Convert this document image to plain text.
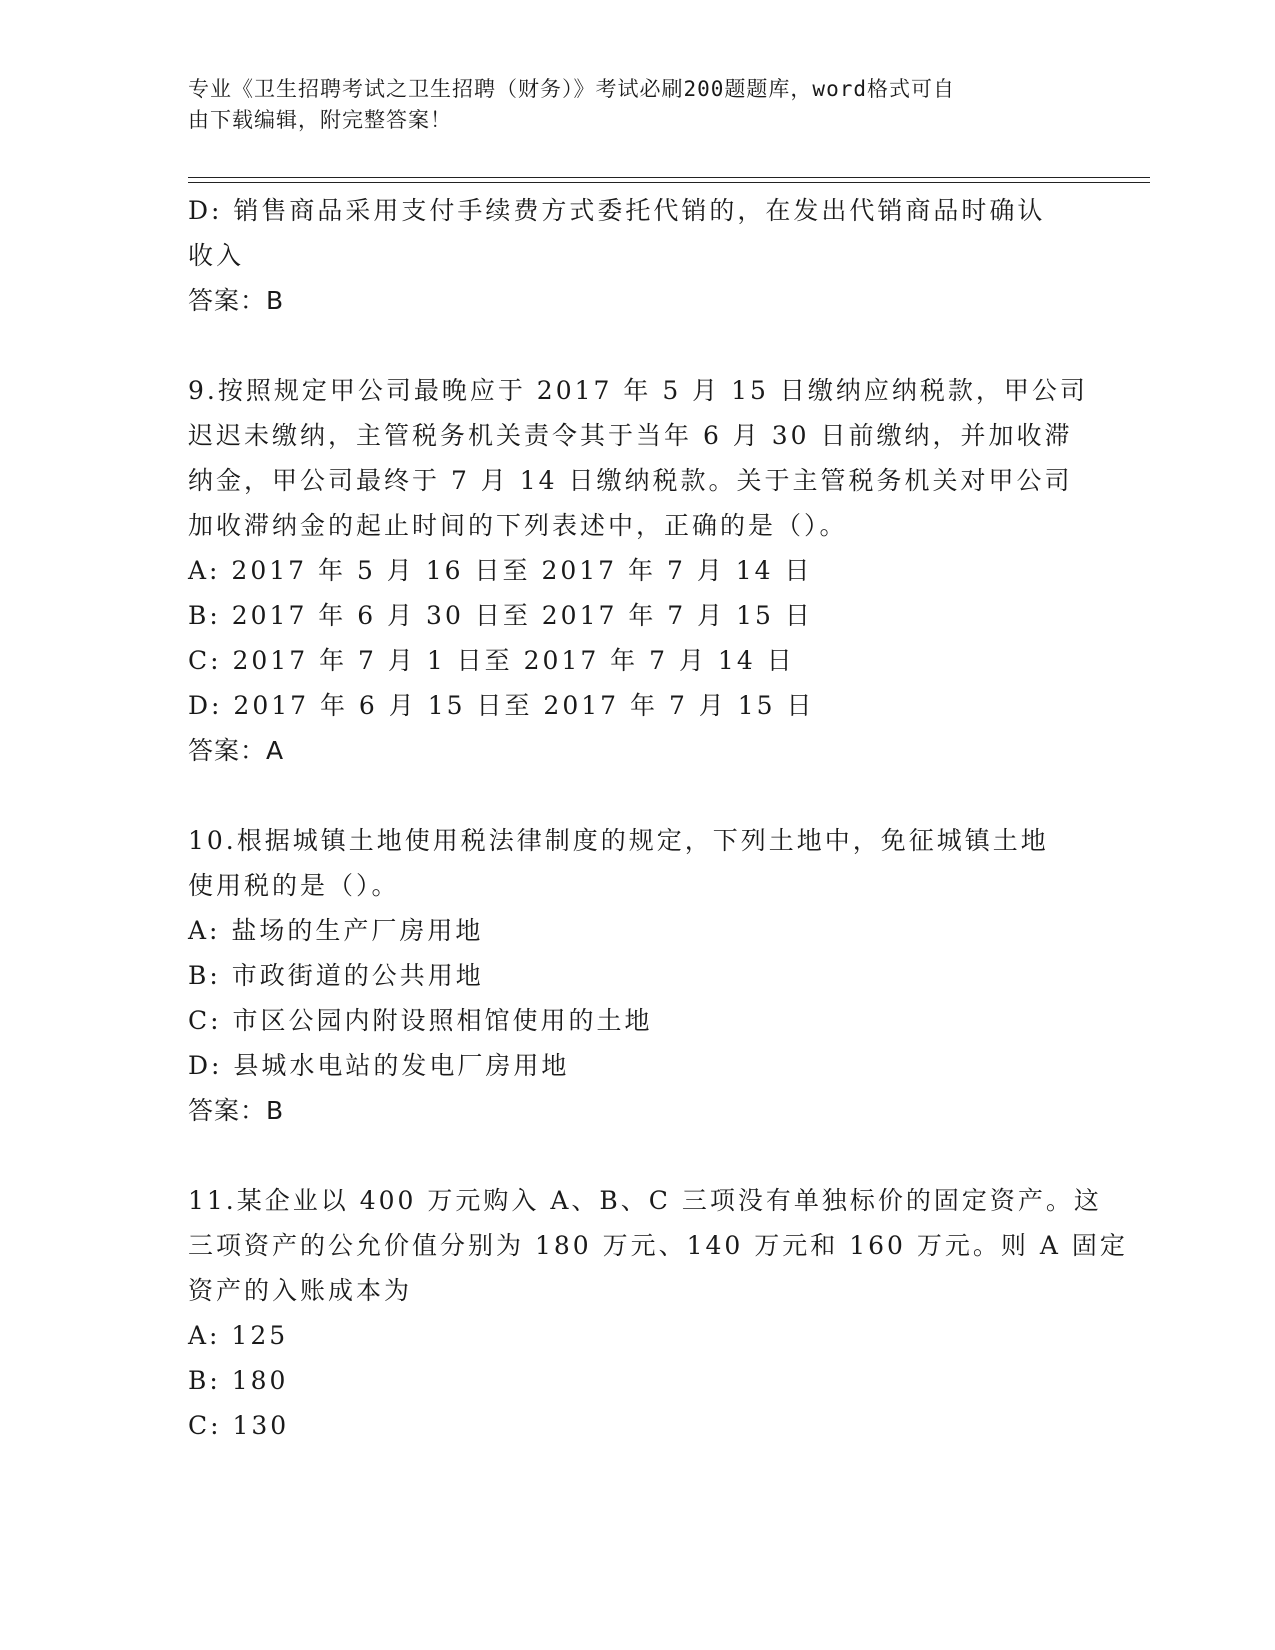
专业《卫生招聘考试之卫生招聘（财务）》考试必刷200题题库，word格式可自
由下载编辑，附完整答案！
D: 销售商品采用支付手续费方式委托代销的，在发出代销商品时确认
收入
答案：B
9.按照规定甲公司最晚应于 2017 年 5 月 15 日缴纳应纳税款，甲公司
迟迟未缴纳，主管税务机关责令其于当年 6 月 30 日前缴纳，并加收滞
纳金，甲公司最终于 7 月 14 日缴纳税款。关于主管税务机关对甲公司
加收滞纳金的起止时间的下列表述中，正确的是（）。
A: 2017 年 5 月 16 日至 2017 年 7 月 14 日
B: 2017 年 6 月 30 日至 2017 年 7 月 15 日
C: 2017 年 7 月 1 日至 2017 年 7 月 14 日
D: 2017 年 6 月 15 日至 2017 年 7 月 15 日
答案：A
10.根据城镇土地使用税法律制度的规定，下列土地中，免征城镇土地
使用税的是（）。
A: 盐场的生产厂房用地
B: 市政街道的公共用地
C: 市区公园内附设照相馆使用的土地
D: 县城水电站的发电厂房用地
答案：B
11.某企业以 400 万元购入 A、B、C 三项没有单独标价的固定资产。这
三项资产的公允价值分别为 180 万元、140 万元和 160 万元。则 A 固定
资产的入账成本为
A: 125
B: 180
C: 130
